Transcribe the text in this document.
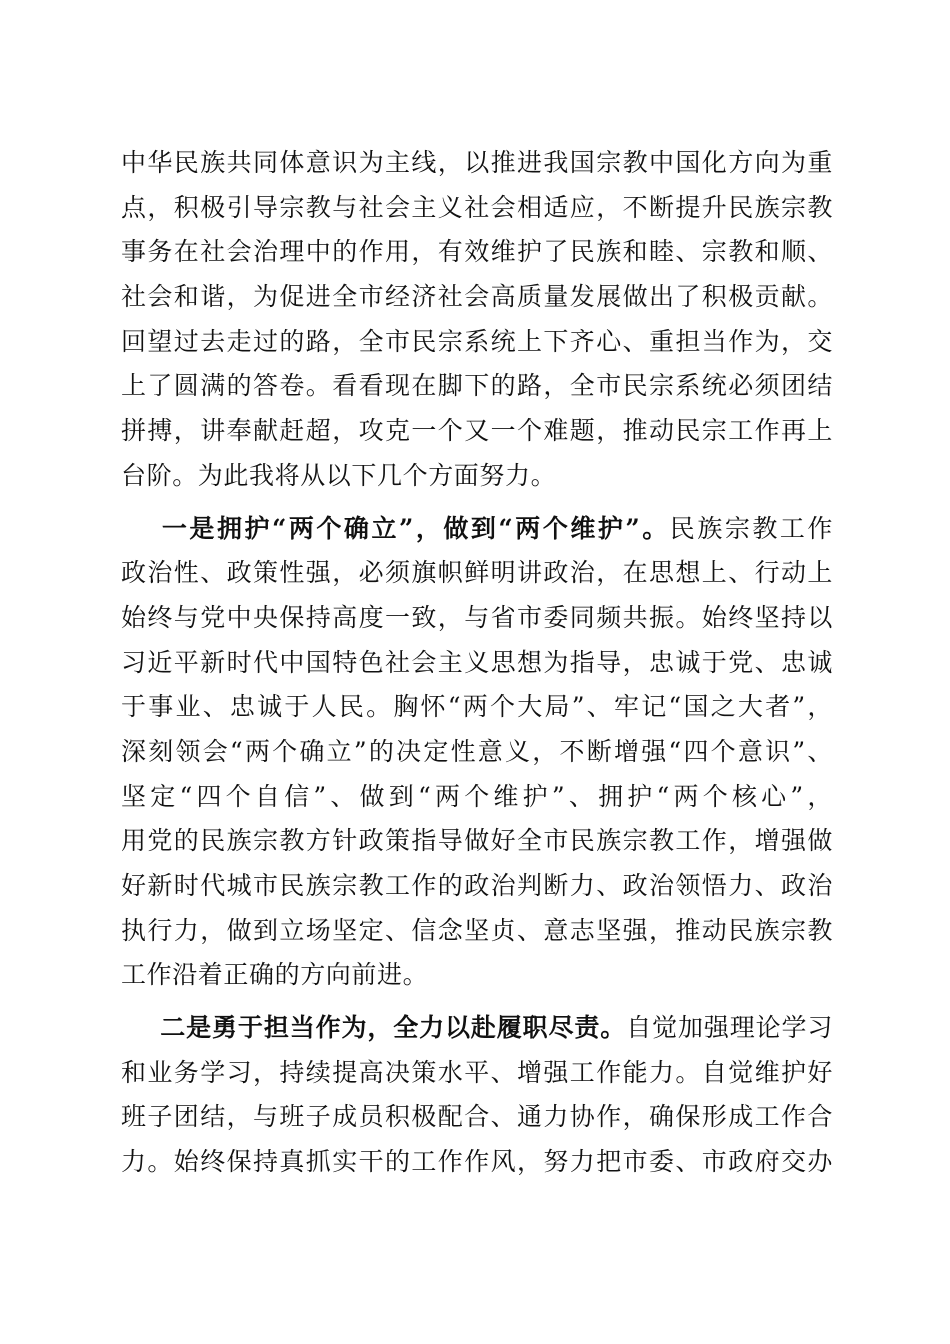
中华民族共同体意识为主线，以推进我国宗教中国化方向为重
点，积极引导宗教与社会主义社会相适应，不断提升民族宗教
事务在社会治理中的作用，有效维护了民族和睦、宗教和顺、
社会和谐，为促进全市经济社会高质量发展做出了积极贡献。
回望过去走过的路，全市民宗系统上下齐心、重担当作为，交
上了圆满的答卷。看看现在脚下的路，全市民宗系统必须团结
拼搏，讲奉献赶超，攻克一个又一个难题，推动民宗工作再上
台阶。为此我将从以下几个方面努力。
一是拥护“两个确立”，做到“两个维护”。民族宗教工作
政治性、政策性强，必须旗帜鲜明讲政治，在思想上、行动上
始终与党中央保持高度一致，与省市委同频共振。始终坚持以
习近平新时代中国特色社会主义思想为指导，忠诚于党、忠诚
于事业、忠诚于人民。胸怀“两个大局”、牢记“国之大者”，
深刻领会“两个确立”的决定性意义，不断增强“四个意识”、
坚定“四个自信”、做到“两个维护”、拥护“两个核心”，
用党的民族宗教方针政策指导做好全市民族宗教工作，增强做
好新时代城市民族宗教工作的政治判断力、政治领悟力、政治
执行力，做到立场坚定、信念坚贞、意志坚强，推动民族宗教
工作沿着正确的方向前进。
二是勇于担当作为，全力以赴履职尽责。自觉加强理论学习
和业务学习，持续提高决策水平、增强工作能力。自觉维护好
班子团结，与班子成员积极配合、通力协作，确保形成工作合
力。始终保持真抓实干的工作作风，努力把市委、市政府交办
